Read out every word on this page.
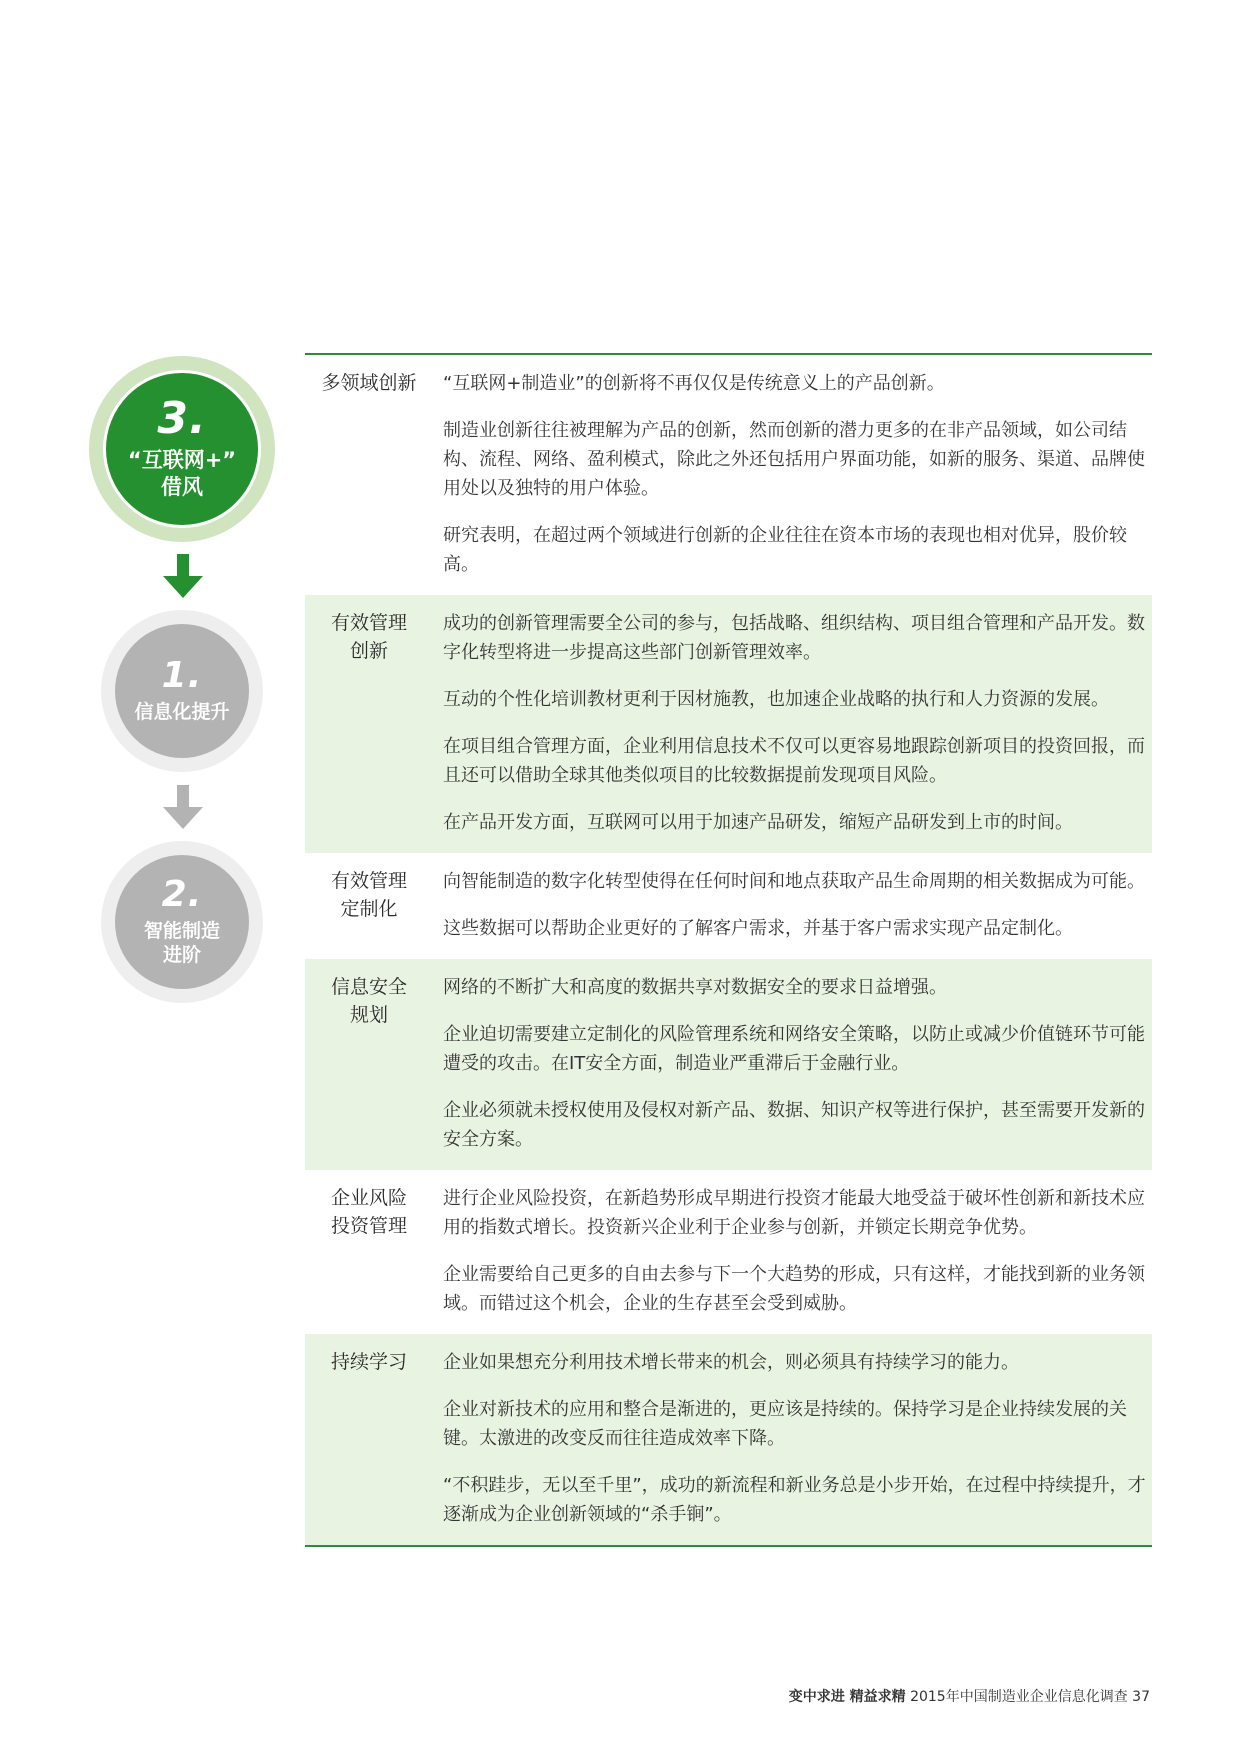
3.
“互联网+”
借风
1.
信息化提升
2.
智能制造
进阶
多领域创新	“互联网+制造业”的创新将不再仅仅是传统意义上的产品创新。

制造业创新往往被理解为产品的创新，然而创新的潜力更多的在非产品领域，如公司结构、流程、网络、盈利模式，除此之外还包括用户界面功能，如新的服务、渠道、品牌使用处以及独特的用户体验。

研究表明，在超过两个领域进行创新的企业往往在资本市场的表现也相对优异，股价较高。

有效管理
创新

成功的创新管理需要全公司的参与，包括战略、组织结构、项目组合管理和产品开发。数字化转型将进一步提高这些部门创新管理效率。

互动的个性化培训教材更利于因材施教，也加速企业战略的执行和人力资源的发展。

在项目组合管理方面，企业利用信息技术不仅可以更容易地跟踪创新项目的投资回报，而且还可以借助全球其他类似项目的比较数据提前发现项目风险。

在产品开发方面，互联网可以用于加速产品研发，缩短产品研发到上市的时间。

有效管理
定制化

向智能制造的数字化转型使得在任何时间和地点获取产品生命周期的相关数据成为可能。

这些数据可以帮助企业更好的了解客户需求，并基于客户需求实现产品定制化。

信息安全
规划

网络的不断扩大和高度的数据共享对数据安全的要求日益增强。

企业迫切需要建立定制化的风险管理系统和网络安全策略，以防止或减少价值链环节可能遭受的攻击。在IT安全方面，制造业严重滞后于金融行业。

企业必须就未授权使用及侵权对新产品、数据、知识产权等进行保护，甚至需要开发新的安全方案。

企业风险
投资管理

进行企业风险投资，在新趋势形成早期进行投资才能最大地受益于破坏性创新和新技术应用的指数式增长。投资新兴企业利于企业参与创新，并锁定长期竞争优势。

企业需要给自己更多的自由去参与下一个大趋势的形成，只有这样，才能找到新的业务领域。而错过这个机会，企业的生存甚至会受到威胁。

持续学习	企业如果想充分利用技术增长带来的机会，则必须具有持续学习的能力。

企业对新技术的应用和整合是渐进的，更应该是持续的。保持学习是企业持续发展的关键。太激进的改变反而往往造成效率下降。

“不积跬步，无以至千里”，成功的新流程和新业务总是小步开始，在过程中持续提升，才逐渐成为企业创新领域的“杀手锏”。

变中求进 精益求精 2015年中国制造业企业信息化调查 37
